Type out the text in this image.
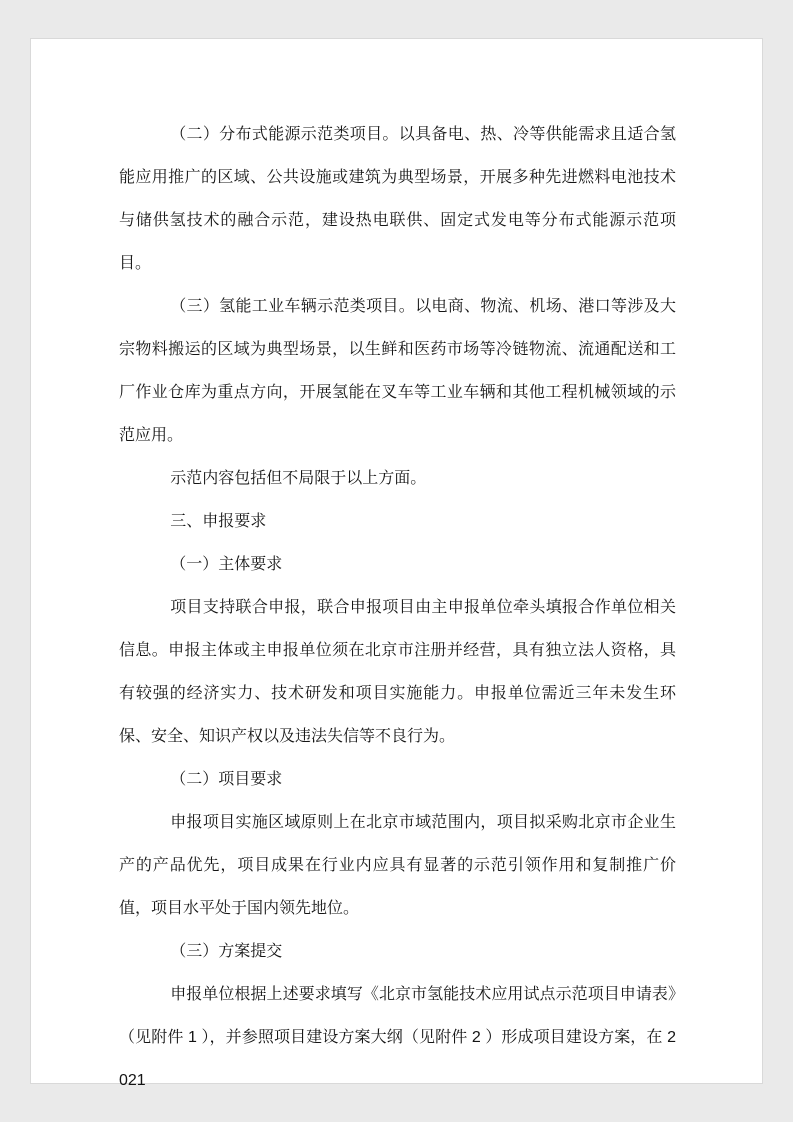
（二）分布式能源示范类项目。以具备电、热、冷等供能需求且适合氢能应用推广的区域、公共设施或建筑为典型场景，开展多种先进燃料电池技术与储供氢技术的融合示范，建设热电联供、固定式发电等分布式能源示范项目。

（三）氢能工业车辆示范类项目。以电商、物流、机场、港口等涉及大宗物料搬运的区域为典型场景，以生鲜和医药市场等冷链物流、流通配送和工厂作业仓库为重点方向，开展氢能在叉车等工业车辆和其他工程机械领域的示范应用。

示范内容包括但不局限于以上方面。

三、申报要求

（一）主体要求

项目支持联合申报，联合申报项目由主申报单位牵头填报合作单位相关信息。申报主体或主申报单位须在北京市注册并经营，具有独立法人资格，具有较强的经济实力、技术研发和项目实施能力。申报单位需近三年未发生环保、安全、知识产权以及违法失信等不良行为。

（二）项目要求

申报项目实施区域原则上在北京市域范围内，项目拟采购北京市企业生产的产品优先，项目成果在行业内应具有显著的示范引领作用和复制推广价值，项目水平处于国内领先地位。

（三）方案提交

申报单位根据上述要求填写《北京市氢能技术应用试点示范项目申请表》（见附件 1 ），并参照项目建设方案大纲（见附件 2 ）形成项目建设方案，在 2021
